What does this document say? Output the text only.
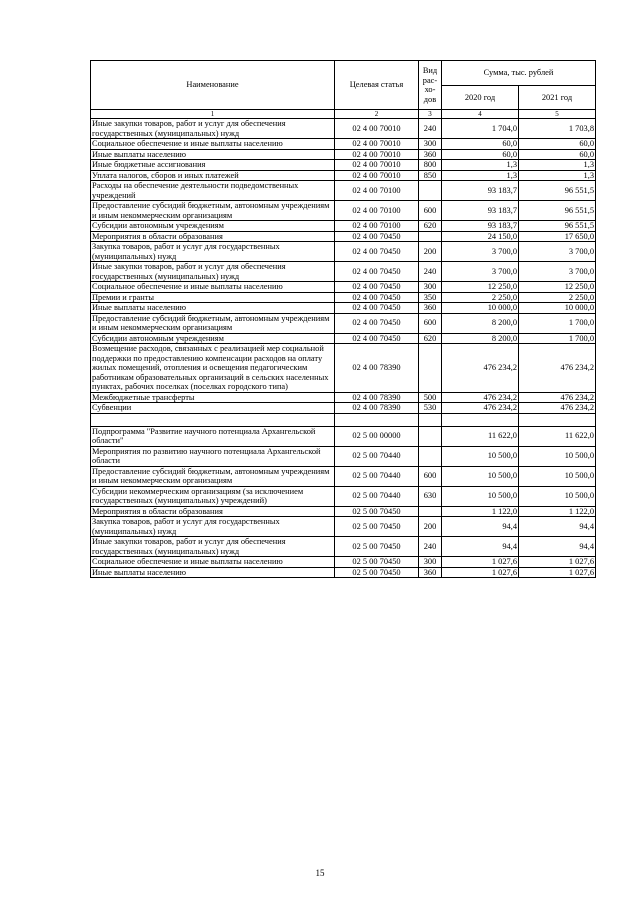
Наименование	Целевая статья	Вид рас-хо-дов	Сумма, тыс. рублей	
			2020 год	2021 год
1	2	3	4	5
Иные закупки товаров, работ и услуг для обеспечения государственных (муниципальных) нужд	02 4 00 70010	240	1 704,0	1 703,8
Социальное обеспечение и иные выплаты населению	02 4 00 70010	300	60,0	60,0
Иные выплаты населению	02 4 00 70010	360	60,0	60,0
Иные бюджетные ассигнования	02 4 00 70010	800	1,3	1,3
Уплата налогов, сборов и иных платежей	02 4 00 70010	850	1,3	1,3
Расходы на обеспечение деятельности подведомственных учреждений	02 4 00 70100		93 183,7	96 551,5
Предоставление субсидий бюджетным, автономным учреждениям и иным некоммерческим организациям	02 4 00 70100	600	93 183,7	96 551,5
Субсидии автономным учреждениям	02 4 00 70100	620	93 183,7	96 551,5
Мероприятия в области образования	02 4 00 70450		24 150,0	17 650,0
Закупка товаров, работ и услуг для государственных (муниципальных) нужд	02 4 00 70450	200	3 700,0	3 700,0
Иные закупки товаров, работ и услуг для обеспечения государственных (муниципальных) нужд	02 4 00 70450	240	3 700,0	3 700,0
Социальное обеспечение и иные выплаты населению	02 4 00 70450	300	12 250,0	12 250,0
Премии и гранты	02 4 00 70450	350	2 250,0	2 250,0
Иные выплаты населению	02 4 00 70450	360	10 000,0	10 000,0
Предоставление субсидий бюджетным, автономным учреждениям и иным некоммерческим организациям	02 4 00 70450	600	8 200,0	1 700,0
Субсидии автономным учреждениям	02 4 00 70450	620	8 200,0	1 700,0
Возмещение расходов, связанных с реализацией мер социальной поддержки по предоставлению компенсации расходов на оплату жилых помещений, отопления и освещения педагогическим работникам образовательных организаций в сельских населенных пунктах, рабочих поселках (поселках городского типа)	02 4 00 78390		476 234,2	476 234,2
Межбюджетные трансферты	02 4 00 78390	500	476 234,2	476 234,2
Субвенции	02 4 00 78390	530	476 234,2	476 234,2

Подпрограмма "Развитие научного потенциала Архангельской области"	02 5 00 00000		11 622,0	11 622,0
Мероприятия по развитию научного потенциала Архангельской области	02 5 00 70440		10 500,0	10 500,0
Предоставление субсидий бюджетным, автономным учреждениям и иным некоммерческим организациям	02 5 00 70440	600	10 500,0	10 500,0
Субсидии некоммерческим организациям (за исключением государственных (муниципальных) учреждений)	02 5 00 70440	630	10 500,0	10 500,0
Мероприятия в области образования	02 5 00 70450		1 122,0	1 122,0
Закупка товаров, работ и услуг для государственных (муниципальных) нужд	02 5 00 70450	200	94,4	94,4
Иные закупки товаров, работ и услуг для обеспечения государственных (муниципальных) нужд	02 5 00 70450	240	94,4	94,4
Социальное обеспечение и иные выплаты населению	02 5 00 70450	300	1 027,6	1 027,6
Иные выплаты населению	02 5 00 70450	360	1 027,6	1 027,6
15
